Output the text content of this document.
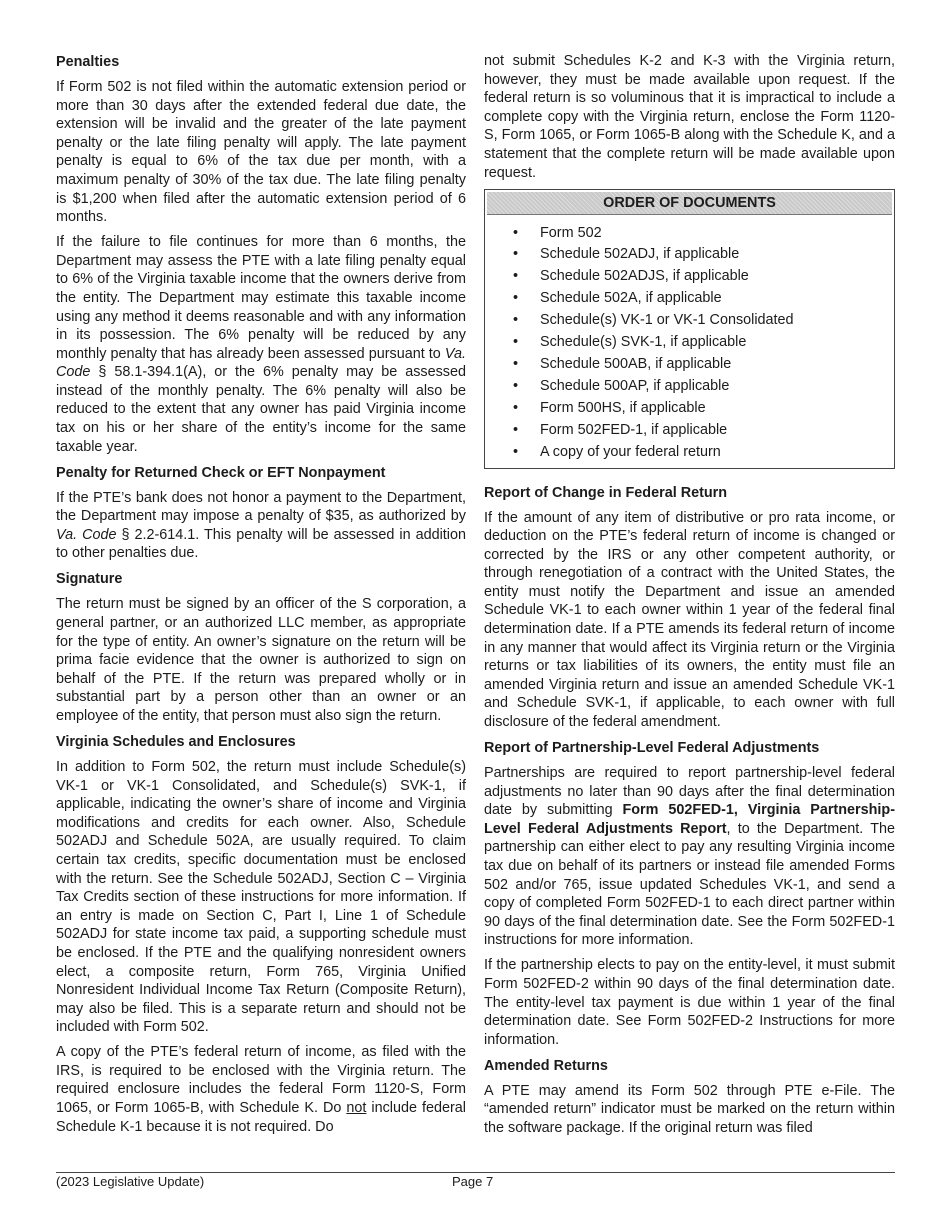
Penalties

If Form 502 is not filed within the automatic extension period or more than 30 days after the extended federal due date, the extension will be invalid and the greater of the late payment penalty or the late filing penalty will apply. The late payment penalty is equal to 6% of the tax due per month, with a maximum penalty of 30% of the tax due. The late filing penalty is $1,200 when filed after the automatic extension period of 6 months.

If the failure to file continues for more than 6 months, the Department may assess the PTE with a late filing penalty equal to 6% of the Virginia taxable income that the owners derive from the entity. The Department may estimate this taxable income using any method it deems reasonable and with any information in its possession. The 6% penalty will be reduced by any monthly penalty that has already been assessed pursuant to Va. Code § 58.1-394.1(A), or the 6% penalty may be assessed instead of the monthly penalty. The 6% penalty will also be reduced to the extent that any owner has paid Virginia income tax on his or her share of the entity’s income for the same taxable year.

Penalty for Returned Check or EFT Nonpayment

If the PTE’s bank does not honor a payment to the Department, the Department may impose a penalty of $35, as authorized by Va. Code § 2.2-614.1. This penalty will be assessed in addition to other penalties due.

Signature

The return must be signed by an officer of the S corporation, a general partner, or an authorized LLC member, as appropriate for the type of entity. An owner’s signature on the return will be prima facie evidence that the owner is authorized to sign on behalf of the PTE. If the return was prepared wholly or in substantial part by a person other than an owner or an employee of the entity, that person must also sign the return.

Virginia Schedules and Enclosures

In addition to Form 502, the return must include Schedule(s) VK-1 or VK-1 Consolidated, and Schedule(s) SVK-1, if applicable, indicating the owner’s share of income and Virginia modifications and credits for each owner. Also, Schedule 502ADJ and Schedule 502A, are usually required. To claim certain tax credits, specific documentation must be enclosed with the return. See the Schedule 502ADJ, Section C – Virginia Tax Credits section of these instructions for more information. If an entry is made on Section C, Part I, Line 1 of Schedule 502ADJ for state income tax paid, a supporting schedule must be enclosed. If the PTE and the qualifying nonresident owners elect, a composite return, Form 765, Virginia Unified Nonresident Individual Income Tax Return (Composite Return), may also be filed. This is a separate return and should not be included with Form 502.

A copy of the PTE’s federal return of income, as filed with the IRS, is required to be enclosed with the Virginia return. The required enclosure includes the federal Form 1120-S, Form 1065, or Form 1065-B, with Schedule K. Do not include federal Schedule K-1 because it is not required. Do

not submit Schedules K-2 and K-3 with the Virginia return, however, they must be made available upon request. If the federal return is so voluminous that it is impractical to include a complete copy with the Virginia return, enclose the Form 1120-S, Form 1065, or Form 1065-B along with the Schedule K, and a statement that the complete return will be made available upon request.

ORDER OF DOCUMENTS
• Form 502
• Schedule 502ADJ, if applicable
• Schedule 502ADJS, if applicable
• Schedule 502A, if applicable
• Schedule(s) VK-1 or VK-1 Consolidated
• Schedule(s) SVK-1, if applicable
• Schedule 500AB, if applicable
• Schedule 500AP, if applicable
• Form 500HS, if applicable
• Form 502FED-1, if applicable
• A copy of your federal return
Report of Change in Federal Return

If the amount of any item of distributive or pro rata income, or deduction on the PTE’s federal return of income is changed or corrected by the IRS or any other competent authority, or through renegotiation of a contract with the United States, the entity must notify the Department and issue an amended Schedule VK-1 to each owner within 1 year of the federal final determination date. If a PTE amends its federal return of income in any manner that would affect its Virginia return or the Virginia returns or tax liabilities of its owners, the entity must file an amended Virginia return and issue an amended Schedule VK-1 and Schedule SVK-1, if applicable, to each owner with full disclosure of the federal amendment.

Report of Partnership-Level Federal Adjustments

Partnerships are required to report partnership-level federal adjustments no later than 90 days after the final determination date by submitting Form 502FED-1, Virginia Partnership-Level Federal Adjustments Report, to the Department. The partnership can either elect to pay any resulting Virginia income tax due on behalf of its partners or instead file amended Forms 502 and/or 765, issue updated Schedules VK-1, and send a copy of completed Form 502FED-1 to each direct partner within 90 days of the final determination date. See the Form 502FED-1 instructions for more information.

If the partnership elects to pay on the entity-level, it must submit Form 502FED-2 within 90 days of the final determination date. The entity-level tax payment is due within 1 year of the final determination date. See Form 502FED-2 Instructions for more information.

Amended Returns

A PTE may amend its Form 502 through PTE e-File. The “amended return” indicator must be marked on the return within the software package. If the original return was filed

(2023 Legislative Update)	Page 7
